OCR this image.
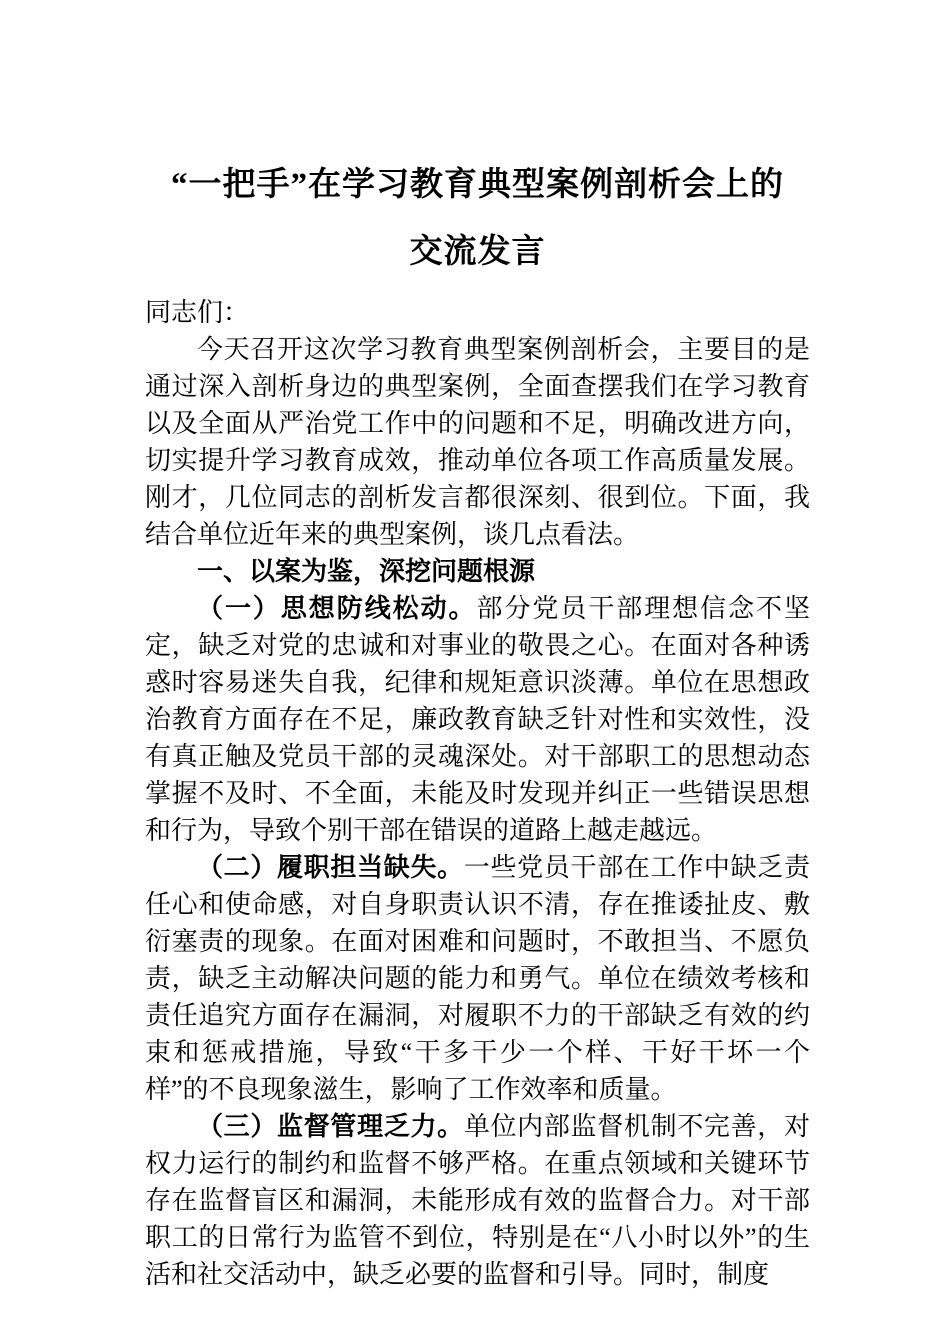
“一把手”在学习教育典型案例剖析会上的
交流发言

同志们：

今天召开这次学习教育典型案例剖析会，主要目的是通过深入剖析身边的典型案例，全面查摆我们在学习教育以及全面从严治党工作中的问题和不足，明确改进方向，切实提升学习教育成效，推动单位各项工作高质量发展。刚才，几位同志的剖析发言都很深刻、很到位。下面，我结合单位近年来的典型案例，谈几点看法。

一、以案为鉴，深挖问题根源

（一）思想防线松动。部分党员干部理想信念不坚定，缺乏对党的忠诚和对事业的敬畏之心。在面对各种诱惑时容易迷失自我，纪律和规矩意识淡薄。单位在思想政治教育方面存在不足，廉政教育缺乏针对性和实效性，没有真正触及党员干部的灵魂深处。对干部职工的思想动态掌握不及时、不全面，未能及时发现并纠正一些错误思想和行为，导致个别干部在错误的道路上越走越远。

（二）履职担当缺失。一些党员干部在工作中缺乏责任心和使命感，对自身职责认识不清，存在推诿扯皮、敷衍塞责的现象。在面对困难和问题时，不敢担当、不愿负责，缺乏主动解决问题的能力和勇气。单位在绩效考核和责任追究方面存在漏洞，对履职不力的干部缺乏有效的约束和惩戒措施，导致“干多干少一个样、干好干坏一个样”的不良现象滋生，影响了工作效率和质量。

（三）监督管理乏力。单位内部监督机制不完善，对权力运行的制约和监督不够严格。在重点领域和关键环节存在监督盲区和漏洞，未能形成有效的监督合力。对干部职工的日常行为监管不到位，特别是在“八小时以外”的生活和社交活动中，缺乏必要的监督和引导。同时，制度
